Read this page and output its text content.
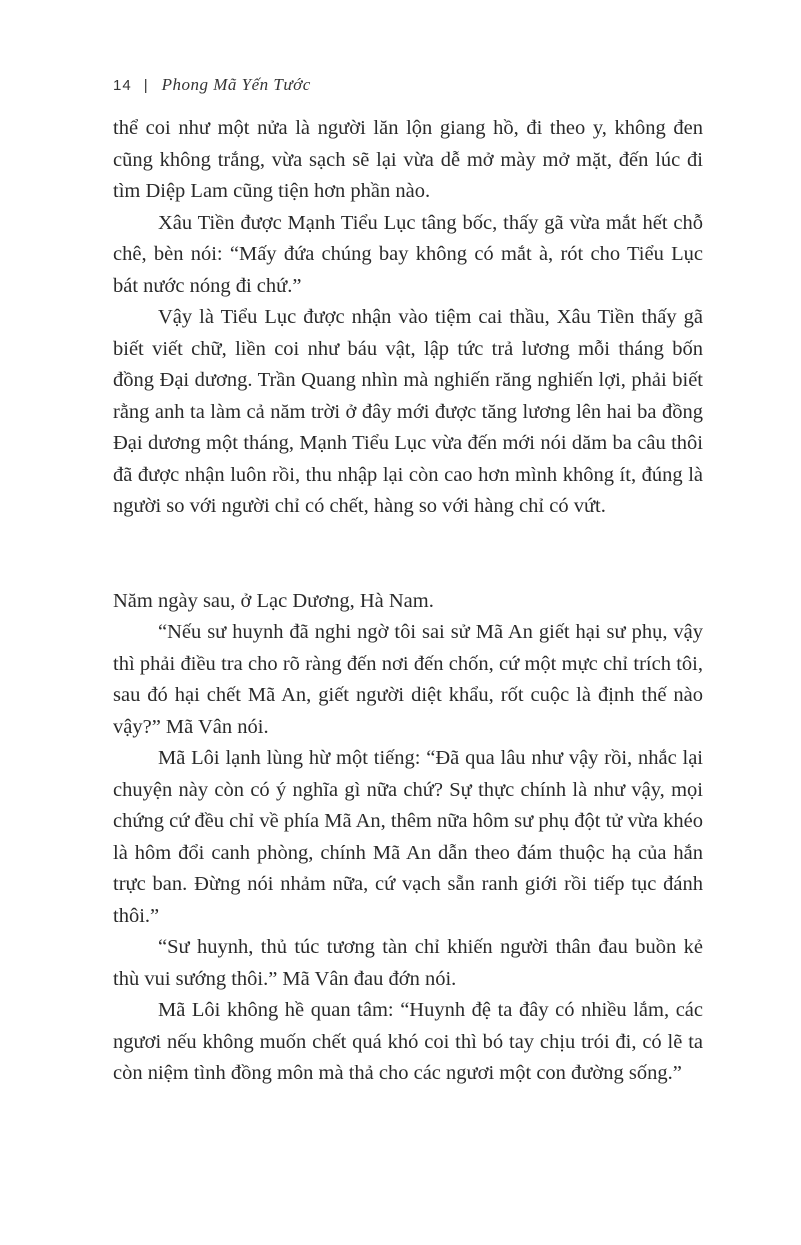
14 | Phong Mã Yến Tước

thể coi như một nửa là người lăn lộn giang hồ, đi theo y, không đen cũng không trắng, vừa sạch sẽ lại vừa dễ mở mày mở mặt, đến lúc đi tìm Diệp Lam cũng tiện hơn phần nào.

Xâu Tiền được Mạnh Tiểu Lục tâng bốc, thấy gã vừa mắt hết chỗ chê, bèn nói: “Mấy đứa chúng bay không có mắt à, rót cho Tiểu Lục bát nước nóng đi chứ.”

Vậy là Tiểu Lục được nhận vào tiệm cai thầu, Xâu Tiền thấy gã biết viết chữ, liền coi như báu vật, lập tức trả lương mỗi tháng bốn đồng Đại dương. Trần Quang nhìn mà nghiến răng nghiến lợi, phải biết rằng anh ta làm cả năm trời ở đây mới được tăng lương lên hai ba đồng Đại dương một tháng, Mạnh Tiểu Lục vừa đến mới nói dăm ba câu thôi đã được nhận luôn rồi, thu nhập lại còn cao hơn mình không ít, đúng là người so với người chỉ có chết, hàng so với hàng chỉ có vứt.

Năm ngày sau, ở Lạc Dương, Hà Nam.

“Nếu sư huynh đã nghi ngờ tôi sai sử Mã An giết hại sư phụ, vậy thì phải điều tra cho rõ ràng đến nơi đến chốn, cứ một mực chỉ trích tôi, sau đó hại chết Mã An, giết người diệt khẩu, rốt cuộc là định thế nào vậy?” Mã Vân nói.

Mã Lôi lạnh lùng hừ một tiếng: “Đã qua lâu như vậy rồi, nhắc lại chuyện này còn có ý nghĩa gì nữa chứ? Sự thực chính là như vậy, mọi chứng cứ đều chỉ về phía Mã An, thêm nữa hôm sư phụ đột tử vừa khéo là hôm đổi canh phòng, chính Mã An dẫn theo đám thuộc hạ của hắn trực ban. Đừng nói nhảm nữa, cứ vạch sẵn ranh giới rồi tiếp tục đánh thôi.”

“Sư huynh, thủ túc tương tàn chỉ khiến người thân đau buồn kẻ thù vui sướng thôi.” Mã Vân đau đớn nói.

Mã Lôi không hề quan tâm: “Huynh đệ ta đây có nhiều lắm, các ngươi nếu không muốn chết quá khó coi thì bó tay chịu trói đi, có lẽ ta còn niệm tình đồng môn mà thả cho các ngươi một con đường sống.”
